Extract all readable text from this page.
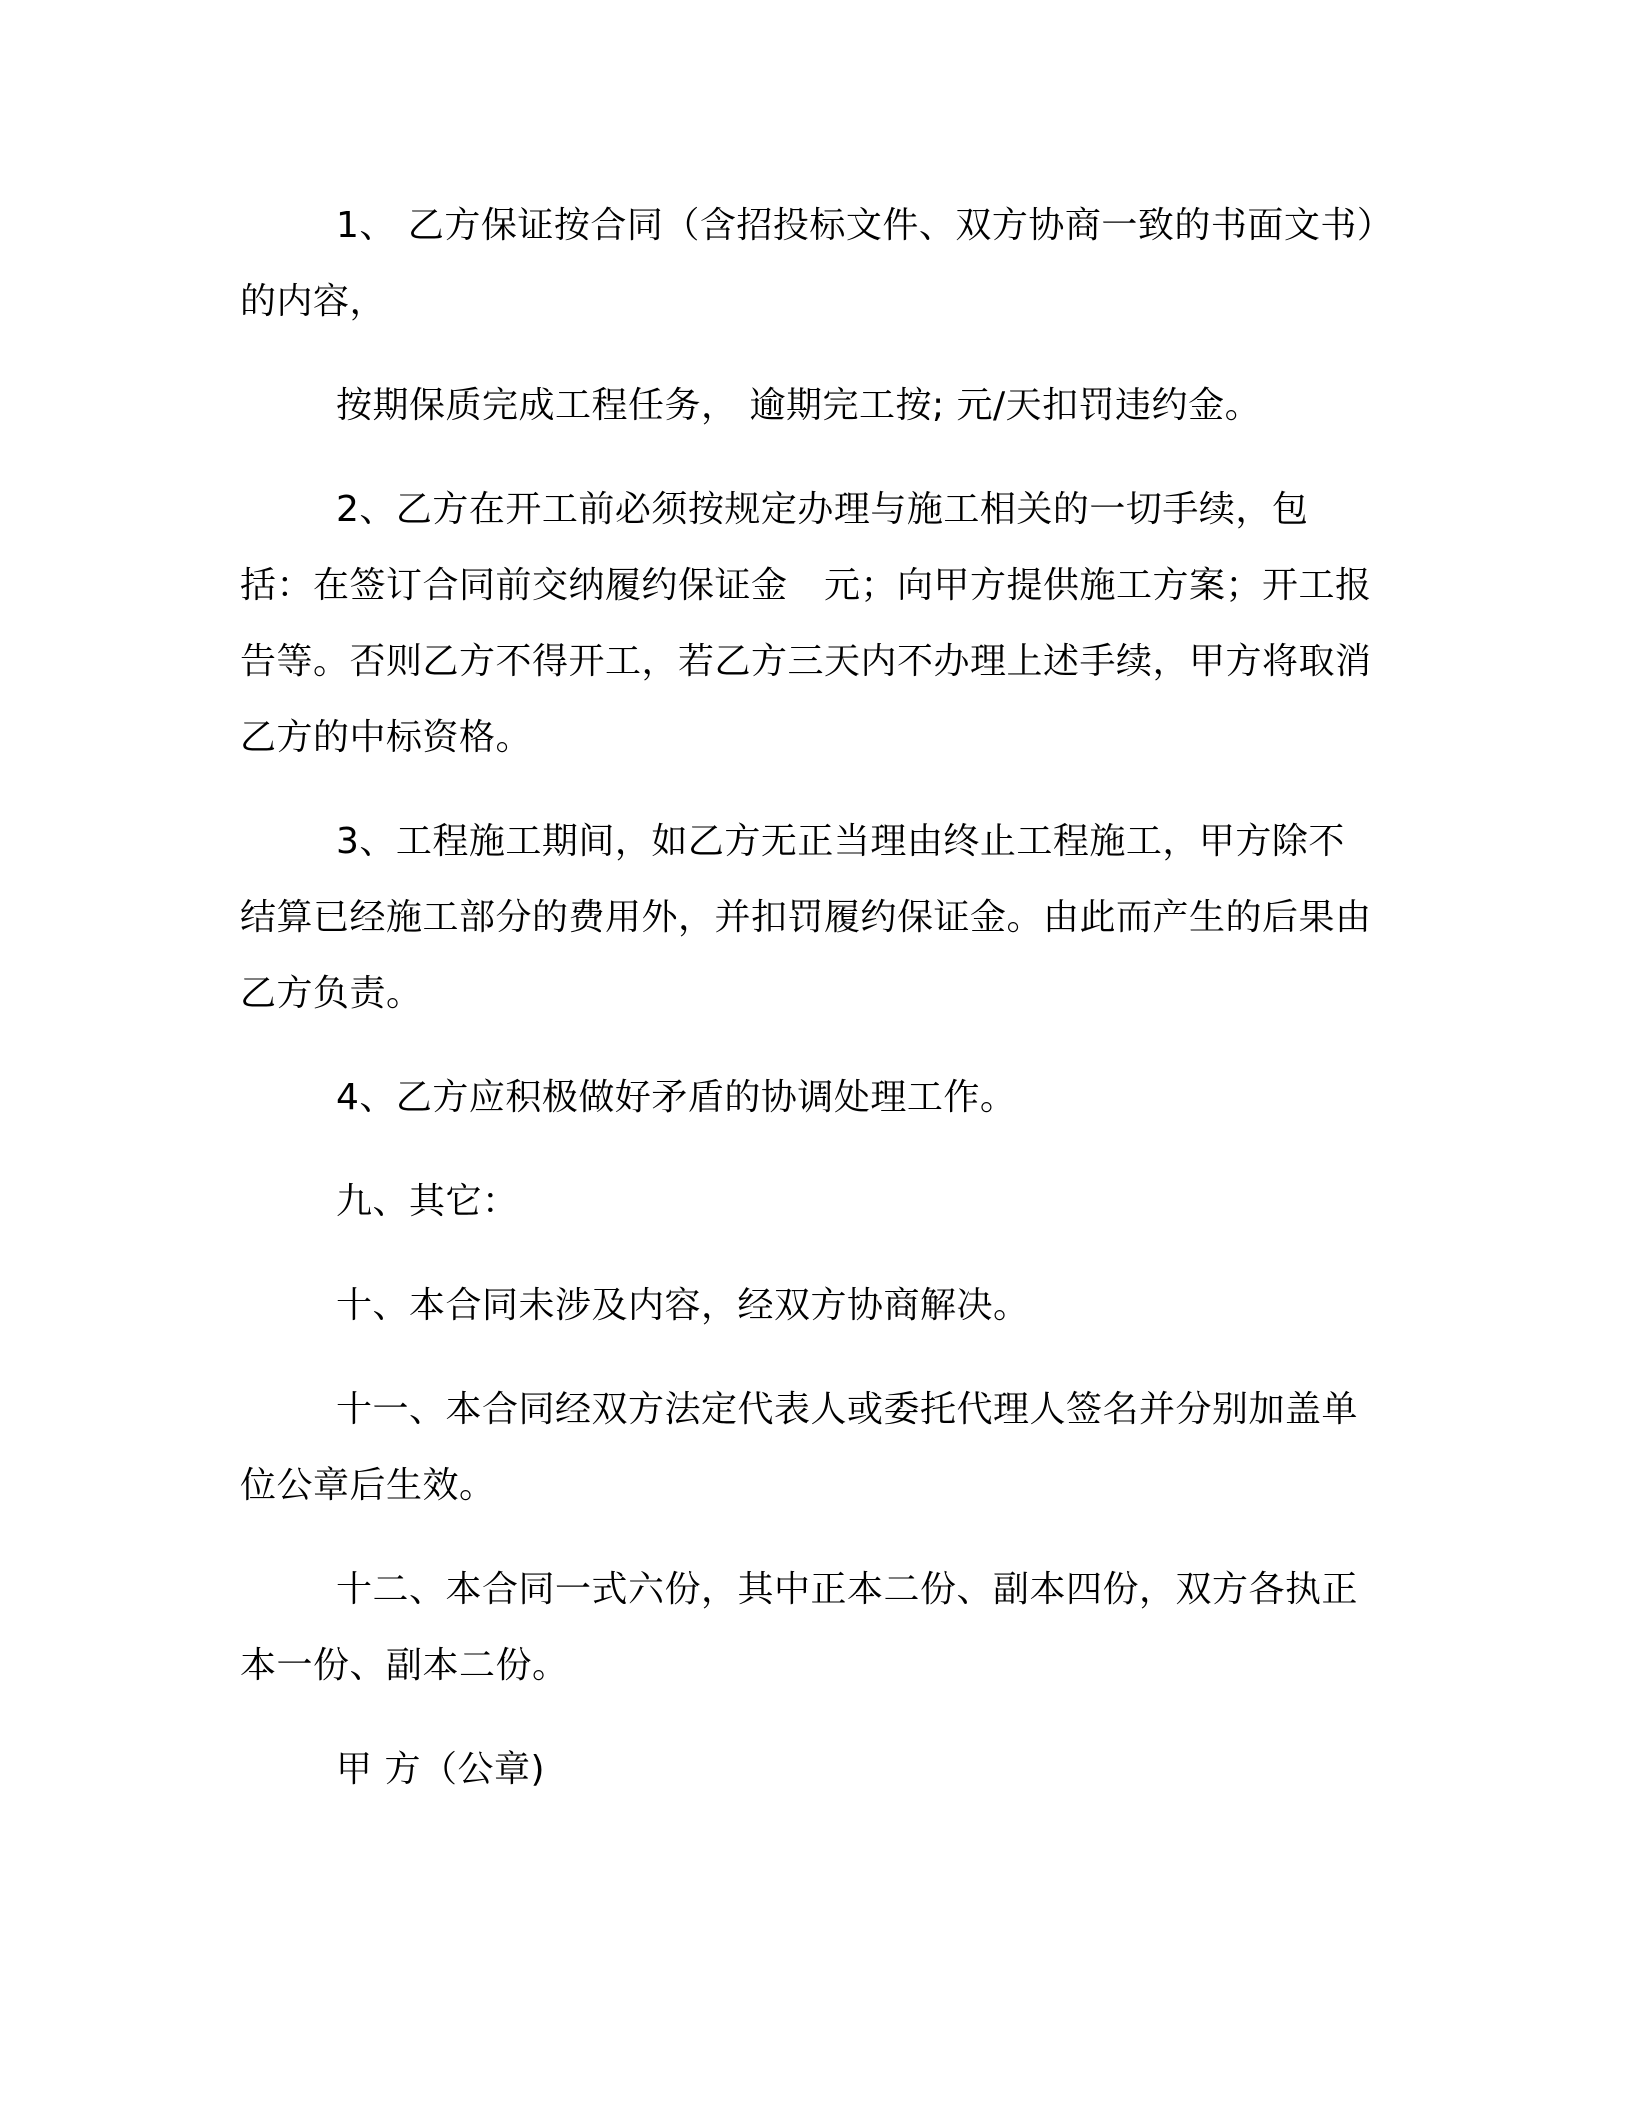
1、 乙方保证按合同（含招投标文件、双方协商一致的书面文书）的内容，

按期保质完成工程任务， 逾期完工按; 元/天扣罚违约金。

2、乙方在开工前必须按规定办理与施工相关的一切手续，包括：在签订合同前交纳履约保证金　元；向甲方提供施工方案；开工报告等。否则乙方不得开工，若乙方三天内不办理上述手续，甲方将取消乙方的中标资格。

3、工程施工期间，如乙方无正当理由终止工程施工，甲方除不结算已经施工部分的费用外，并扣罚履约保证金。由此而产生的后果由乙方负责。

4、乙方应积极做好矛盾的协调处理工作。

九、其它：

十、本合同未涉及内容，经双方协商解决。

十一、本合同经双方法定代表人或委托代理人签名并分别加盖单位公章后生效。

十二、本合同一式六份，其中正本二份、副本四份，双方各执正本一份、副本二份。

甲 方（公章)
